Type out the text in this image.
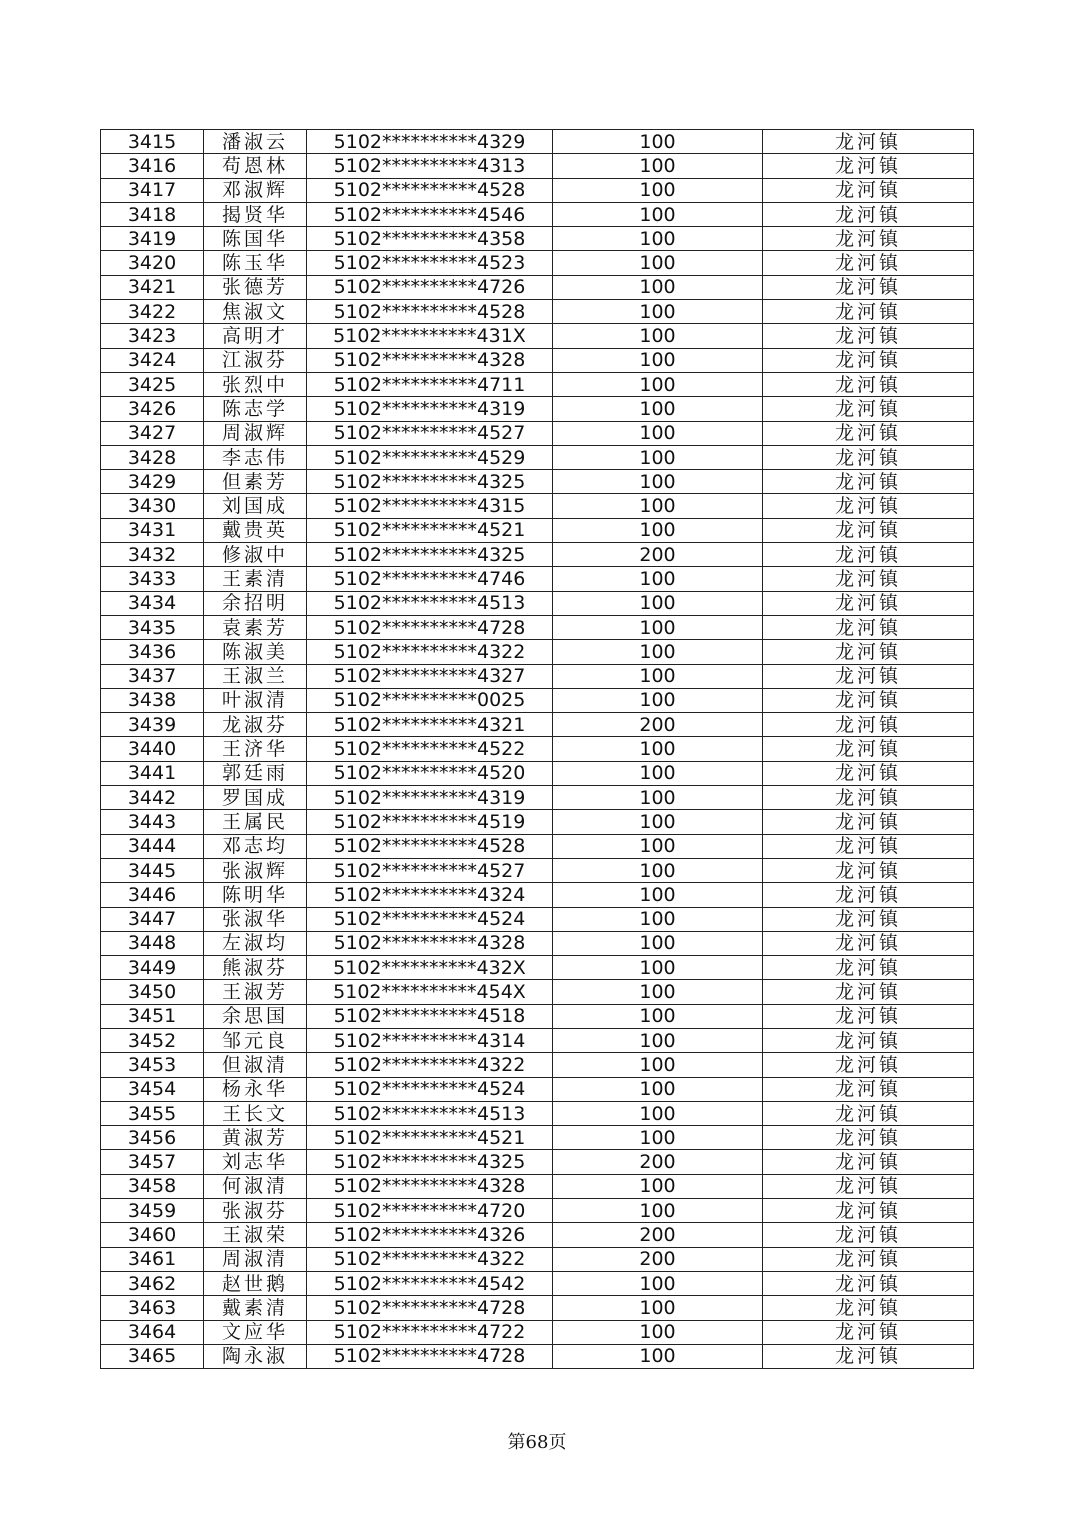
3415	潘淑云	5102**********4329	100	龙河镇
3416	苟恩林	5102**********4313	100	龙河镇
3417	邓淑辉	5102**********4528	100	龙河镇
3418	揭贤华	5102**********4546	100	龙河镇
3419	陈国华	5102**********4358	100	龙河镇
3420	陈玉华	5102**********4523	100	龙河镇
3421	张德芳	5102**********4726	100	龙河镇
3422	焦淑文	5102**********4528	100	龙河镇
3423	高明才	5102**********431X	100	龙河镇
3424	江淑芬	5102**********4328	100	龙河镇
3425	张烈中	5102**********4711	100	龙河镇
3426	陈志学	5102**********4319	100	龙河镇
3427	周淑辉	5102**********4527	100	龙河镇
3428	李志伟	5102**********4529	100	龙河镇
3429	但素芳	5102**********4325	100	龙河镇
3430	刘国成	5102**********4315	100	龙河镇
3431	戴贵英	5102**********4521	100	龙河镇
3432	修淑中	5102**********4325	200	龙河镇
3433	王素清	5102**********4746	100	龙河镇
3434	余招明	5102**********4513	100	龙河镇
3435	袁素芳	5102**********4728	100	龙河镇
3436	陈淑美	5102**********4322	100	龙河镇
3437	王淑兰	5102**********4327	100	龙河镇
3438	叶淑清	5102**********0025	100	龙河镇
3439	龙淑芬	5102**********4321	200	龙河镇
3440	王济华	5102**********4522	100	龙河镇
3441	郭廷雨	5102**********4520	100	龙河镇
3442	罗国成	5102**********4319	100	龙河镇
3443	王属民	5102**********4519	100	龙河镇
3444	邓志均	5102**********4528	100	龙河镇
3445	张淑辉	5102**********4527	100	龙河镇
3446	陈明华	5102**********4324	100	龙河镇
3447	张淑华	5102**********4524	100	龙河镇
3448	左淑均	5102**********4328	100	龙河镇
3449	熊淑芬	5102**********432X	100	龙河镇
3450	王淑芳	5102**********454X	100	龙河镇
3451	余思国	5102**********4518	100	龙河镇
3452	邹元良	5102**********4314	100	龙河镇
3453	但淑清	5102**********4322	100	龙河镇
3454	杨永华	5102**********4524	100	龙河镇
3455	王长文	5102**********4513	100	龙河镇
3456	黄淑芳	5102**********4521	100	龙河镇
3457	刘志华	5102**********4325	200	龙河镇
3458	何淑清	5102**********4328	100	龙河镇
3459	张淑芬	5102**********4720	100	龙河镇
3460	王淑荣	5102**********4326	200	龙河镇
3461	周淑清	5102**********4322	200	龙河镇
3462	赵世鹅	5102**********4542	100	龙河镇
3463	戴素清	5102**********4728	100	龙河镇
3464	文应华	5102**********4722	100	龙河镇
3465	陶永淑	5102**********4728	100	龙河镇
第68页
